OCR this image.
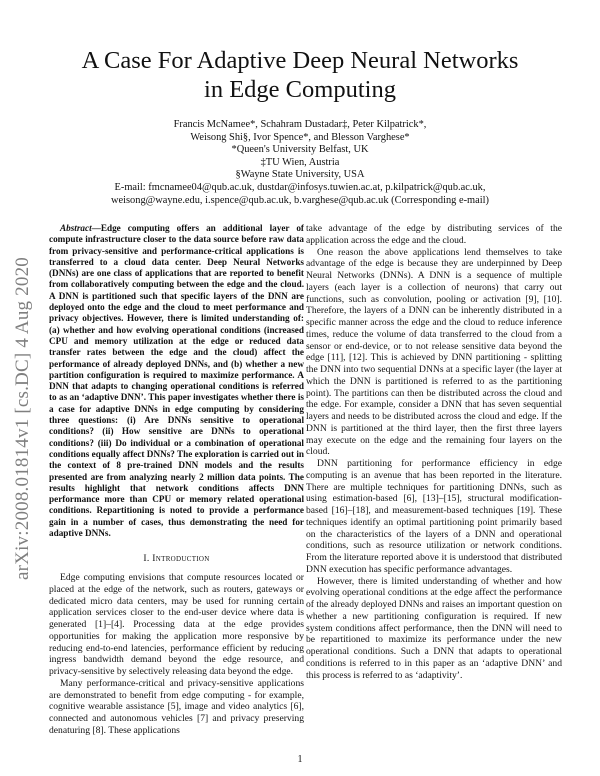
arXiv:2008.01814v1 [cs.DC] 4 Aug 2020
A Case For Adaptive Deep Neural Networks
in Edge Computing
Francis McNamee*, Schahram Dustadar‡, Peter Kilpatrick*,
Weisong Shi§, Ivor Spence*, and Blesson Varghese*
*Queen's University Belfast, UK
‡TU Wien, Austria
§Wayne State University, USA
E-mail: fmcnamee04@qub.ac.uk, dustdar@infosys.tuwien.ac.at, p.kilpatrick@qub.ac.uk,
weisong@wayne.edu, i.spence@qub.ac.uk, b.varghese@qub.ac.uk (Corresponding e-mail)

Abstract—Edge computing offers an additional layer of compute infrastructure closer to the data source before raw data from privacy-sensitive and performance-critical applications is transferred to a cloud data center. Deep Neural Networks (DNNs) are one class of applications that are reported to benefit from collaboratively computing between the edge and the cloud. A DNN is partitioned such that specific layers of the DNN are deployed onto the edge and the cloud to meet performance and privacy objectives. However, there is limited understanding of: (a) whether and how evolving operational conditions (increased CPU and memory utilization at the edge or reduced data transfer rates between the edge and the cloud) affect the performance of already deployed DNNs, and (b) whether a new partition configuration is required to maximize performance. A DNN that adapts to changing operational conditions is referred to as an ‘adaptive DNN’. This paper investigates whether there is a case for adaptive DNNs in edge computing by considering three questions: (i) Are DNNs sensitive to operational conditions? (ii) How sensitive are DNNs to operational conditions? (iii) Do individual or a combination of operational conditions equally affect DNNs? The exploration is carried out in the context of 8 pre-trained DNN models and the results presented are from analyzing nearly 2 million data points. The results highlight that network conditions affects DNN performance more than CPU or memory related operational conditions. Repartitioning is noted to provide a performance gain in a number of cases, thus demonstrating the need for adaptive DNNs.

I. Introduction

Edge computing envisions that compute resources located or placed at the edge of the network, such as routers, gateways or dedicated micro data centers, may be used for running certain application services closer to the end-user device where data is generated [1]–[4]. Processing data at the edge provides opportunities for making the application more responsive by reducing end-to-end latencies, performance efficient by reducing ingress bandwidth demand beyond the edge resource, and privacy-sensitive by selectively releasing data beyond the edge.

Many performance-critical and privacy-sensitive applications are demonstrated to benefit from edge computing - for example, cognitive wearable assistance [5], image and video analytics [6], connected and autonomous vehicles [7] and privacy preserving denaturing [8]. These applications

take advantage of the edge by distributing services of the application across the edge and the cloud.

One reason the above applications lend themselves to take advantage of the edge is because they are underpinned by Deep Neural Networks (DNNs). A DNN is a sequence of multiple layers (each layer is a collection of neurons) that carry out functions, such as convolution, pooling or activation [9], [10]. Therefore, the layers of a DNN can be inherently distributed in a specific manner across the edge and the cloud to reduce inference times, reduce the volume of data transferred to the cloud from a sensor or end-device, or to not release sensitive data beyond the edge [11], [12]. This is achieved by DNN partitioning - splitting the DNN into two sequential DNNs at a specific layer (the layer at which the DNN is partitioned is referred to as the partitioning point). The partitions can then be distributed across the cloud and the edge. For example, consider a DNN that has seven sequential layers and needs to be distributed across the cloud and edge. If the DNN is partitioned at the third layer, then the first three layers may execute on the edge and the remaining four layers on the cloud.

DNN partitioning for performance efficiency in edge computing is an avenue that has been reported in the literature. There are multiple techniques for partitioning DNNs, such as using estimation-based [6], [13]–[15], structural modification-based [16]–[18], and measurement-based techniques [19]. These techniques identify an optimal partitioning point primarily based on the characteristics of the layers of a DNN and operational conditions, such as resource utilization or network conditions. From the literature reported above it is understood that distributed DNN execution has specific performance advantages.

However, there is limited understanding of whether and how evolving operational conditions at the edge affect the performance of the already deployed DNNs and raises an important question on whether a new partitioning configuration is required. If new system conditions affect performance, then the DNN will need to be repartitioned to maximize its performance under the new operational conditions. Such a DNN that adapts to operational conditions is referred to in this paper as an ‘adaptive DNN’ and this process is referred to as ‘adaptivity’.

1
